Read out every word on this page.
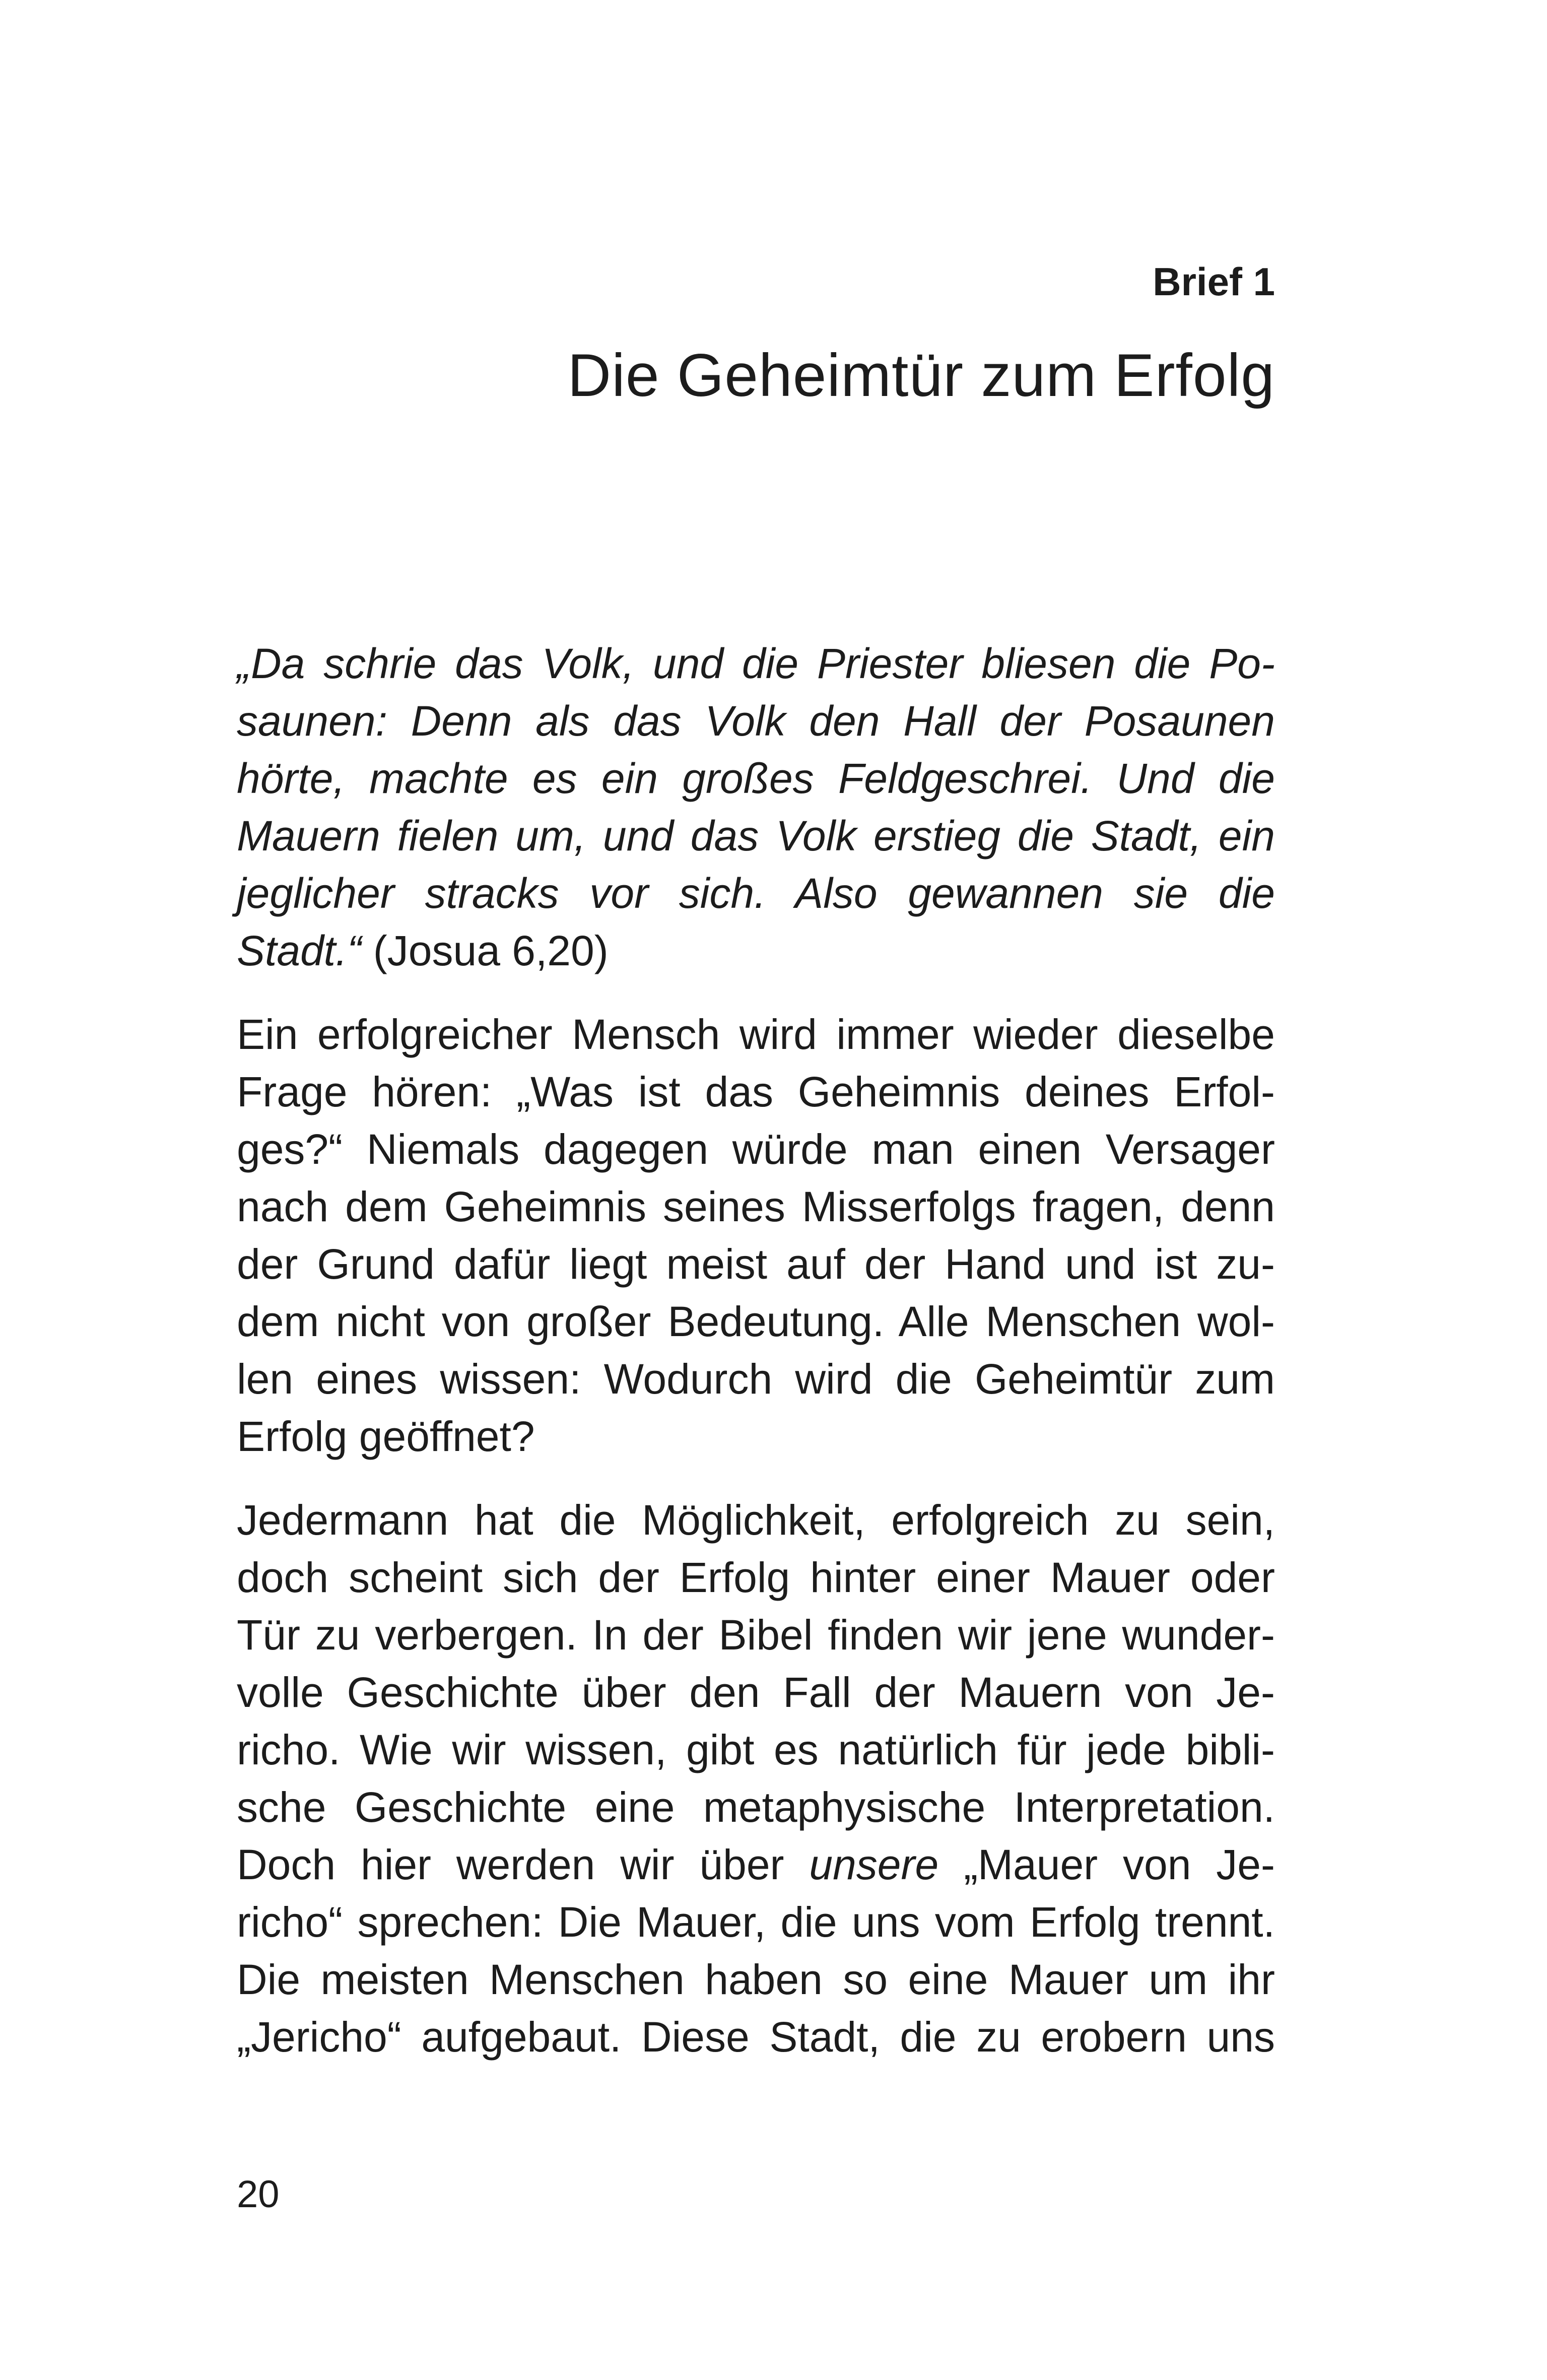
Brief 1
Die Geheimtür zum Erfolg

„Da schrie das Volk, und die Priester bliesen die Po-
saunen: Denn als das Volk den Hall der Posaunen
hörte, machte es ein großes Feldgeschrei. Und die
Mauern fielen um, und das Volk erstieg die Stadt, ein
jeglicher stracks vor sich. Also gewannen sie die
Stadt.“ (Josua 6,20)

Ein erfolgreicher Mensch wird immer wieder dieselbe
Frage hören: „Was ist das Geheimnis deines Erfol-
ges?“ Niemals dagegen würde man einen Versager
nach dem Geheimnis seines Misserfolgs fragen, denn
der Grund dafür liegt meist auf der Hand und ist zu-
dem nicht von großer Bedeutung. Alle Menschen wol-
len eines wissen: Wodurch wird die Geheimtür zum
Erfolg geöffnet?

Jedermann hat die Möglichkeit, erfolgreich zu sein,
doch scheint sich der Erfolg hinter einer Mauer oder
Tür zu verbergen. In der Bibel finden wir jene wunder-
volle Geschichte über den Fall der Mauern von Je-
richo. Wie wir wissen, gibt es natürlich für jede bibli-
sche Geschichte eine metaphysische Interpretation.
Doch hier werden wir über unsere „Mauer von Je-
richo“ sprechen: Die Mauer, die uns vom Erfolg trennt.
Die meisten Menschen haben so eine Mauer um ihr
„Jericho“ aufgebaut. Diese Stadt, die zu erobern uns

20
